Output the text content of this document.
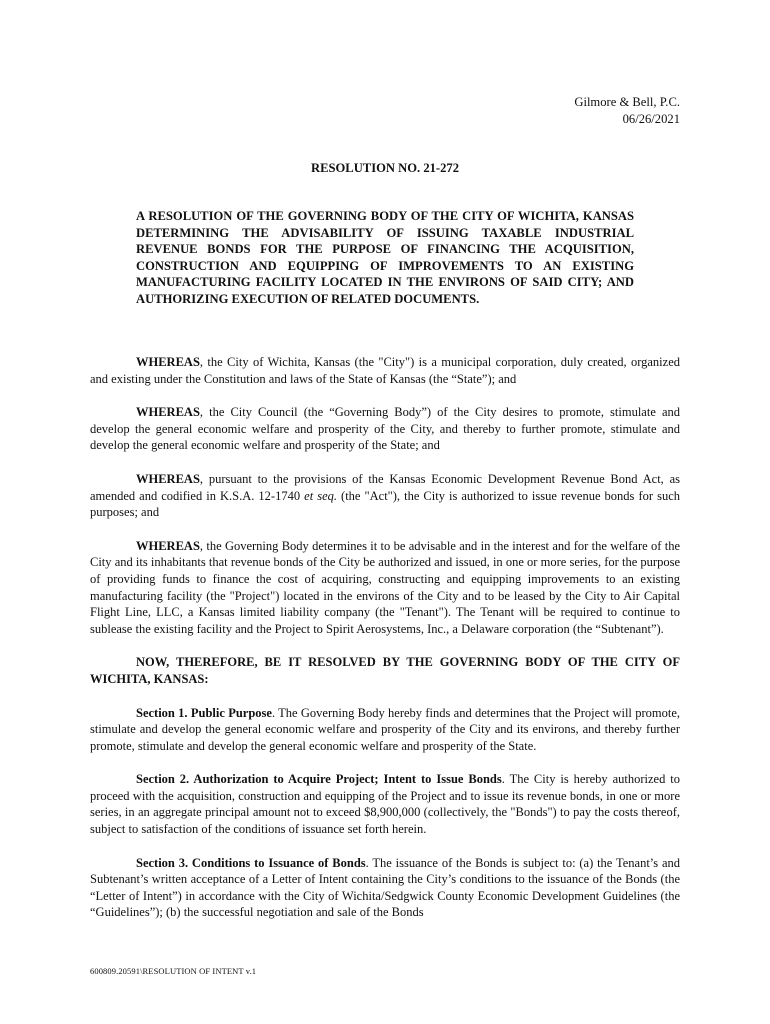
Gilmore & Bell, P.C.
06/26/2021
RESOLUTION NO. 21-272
A RESOLUTION OF THE GOVERNING BODY OF THE CITY OF WICHITA, KANSAS DETERMINING THE ADVISABILITY OF ISSUING TAXABLE INDUSTRIAL REVENUE BONDS FOR THE PURPOSE OF FINANCING THE ACQUISITION, CONSTRUCTION AND EQUIPPING OF IMPROVEMENTS TO AN EXISTING MANUFACTURING FACILITY LOCATED IN THE ENVIRONS OF SAID CITY; AND AUTHORIZING EXECUTION OF RELATED DOCUMENTS.

WHEREAS, the City of Wichita, Kansas (the "City") is a municipal corporation, duly created, organized and existing under the Constitution and laws of the State of Kansas (the “State”); and

WHEREAS, the City Council (the “Governing Body”) of the City desires to promote, stimulate and develop the general economic welfare and prosperity of the City, and thereby to further promote, stimulate and develop the general economic welfare and prosperity of the State; and

WHEREAS, pursuant to the provisions of the Kansas Economic Development Revenue Bond Act, as amended and codified in K.S.A. 12-1740 et seq. (the "Act"), the City is authorized to issue revenue bonds for such purposes; and

WHEREAS, the Governing Body determines it to be advisable and in the interest and for the welfare of the City and its inhabitants that revenue bonds of the City be authorized and issued, in one or more series, for the purpose of providing funds to finance the cost of acquiring, constructing and equipping improvements to an existing manufacturing facility (the "Project") located in the environs of the City and to be leased by the City to Air Capital Flight Line, LLC, a Kansas limited liability company (the "Tenant"). The Tenant will be required to continue to sublease the existing facility and the Project to Spirit Aerosystems, Inc., a Delaware corporation (the “Subtenant”).

NOW, THEREFORE, BE IT RESOLVED BY THE GOVERNING BODY OF THE CITY OF WICHITA, KANSAS:

Section 1. Public Purpose. The Governing Body hereby finds and determines that the Project will promote, stimulate and develop the general economic welfare and prosperity of the City and its environs, and thereby further promote, stimulate and develop the general economic welfare and prosperity of the State.

Section 2. Authorization to Acquire Project; Intent to Issue Bonds. The City is hereby authorized to proceed with the acquisition, construction and equipping of the Project and to issue its revenue bonds, in one or more series, in an aggregate principal amount not to exceed $8,900,000 (collectively, the "Bonds") to pay the costs thereof, subject to satisfaction of the conditions of issuance set forth herein.

Section 3. Conditions to Issuance of Bonds. The issuance of the Bonds is subject to: (a) the Tenant’s and Subtenant’s written acceptance of a Letter of Intent containing the City’s conditions to the issuance of the Bonds (the “Letter of Intent”) in accordance with the City of Wichita/Sedgwick County Economic Development Guidelines (the “Guidelines”); (b) the successful negotiation and sale of the Bonds

600809.20591\RESOLUTION OF INTENT v.1
